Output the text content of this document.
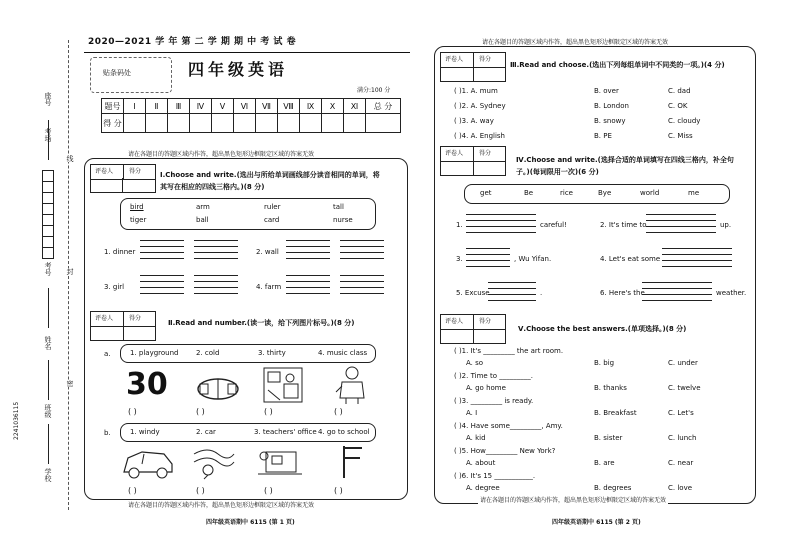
座号
考场
线
考号 封
姓名
密
班级
学校
2241036115
2020—2021 学 年 第 二 学 期 期 中 考 试 卷
贴条码处	四年级英语
满分:100 分
题号	Ⅰ	Ⅱ	Ⅲ	Ⅳ	Ⅴ	Ⅵ	Ⅶ	Ⅷ	Ⅸ	Ⅹ	Ⅺ	总 分
得 分												
请在各题目的答题区域内作答，超出黑色矩形边框限定区域的答案无效
评卷人	得分	Ⅰ.Choose and write.(选出与所给单词画线部分读音相同的单词，将
其写在相应的四线三格内。)(8 分)
bird	arm	ruler	tall
tiger	ball	card	nurse
1. dinner	2. wall
3. girl	4. farm
评卷人	得分
Ⅱ.Read and number.(读一读，给下列图片标号。)(8 分)
a.	1. playground	2. cold	3. thirty	4. music class
30
( )	( )	( )	( )
b.	1. windy	2. car	3. teachers' office 4. go to school
( )	( )	( )	( )
请在各题目的答题区域内作答，超出黑色矩形边框限定区域的答案无效
四年级英语期中 6115 (第 1 页)
请在各题目的答题区域内作答，超出黑色矩形边框限定区域的答案无效
评卷人	得分
Ⅲ.Read and choose.(选出下列每组单词中不同类的一项。)(4 分)
( )1. A. mum	B. over	C. dad
( )2. A. Sydney	B. London	C. OK
( )3. A. way	B. snowy	C. cloudy
( )4. A. English	B. PE	C. Miss
评卷人	得分
Ⅳ.Choose and write.(选择合适的单词填写在四线三格内，补全句
子。)(每词限用一次)(6 分)
get	Be	rice	Bye	world	me
1.	careful!	2. It's time to	up.
3.	, Wu Yifan.	4. Let's eat some
5. Excuse	.	6. Here's the	weather.
评卷人	得分
Ⅴ.Choose the best answers.(单项选择。)(8 分)
( )1. It's _________ the art room.
A. so	B. big	C. under
( )2. Time to _________.
A. go home	B. thanks	C. twelve
( )3. _________ is ready.
A. I	B. Breakfast	C. Let's
( )4. Have some_________, Amy.
A. kid	B. sister	C. lunch
( )5. How_________ New York?
A. about	B. are	C. near
( )6. It's 15 ___________.
A. degree	B. degrees	C. love
请在各题目的答题区域内作答，超出黑色矩形边框限定区域的答案无效
四年级英语期中 6115 (第 2 页)
